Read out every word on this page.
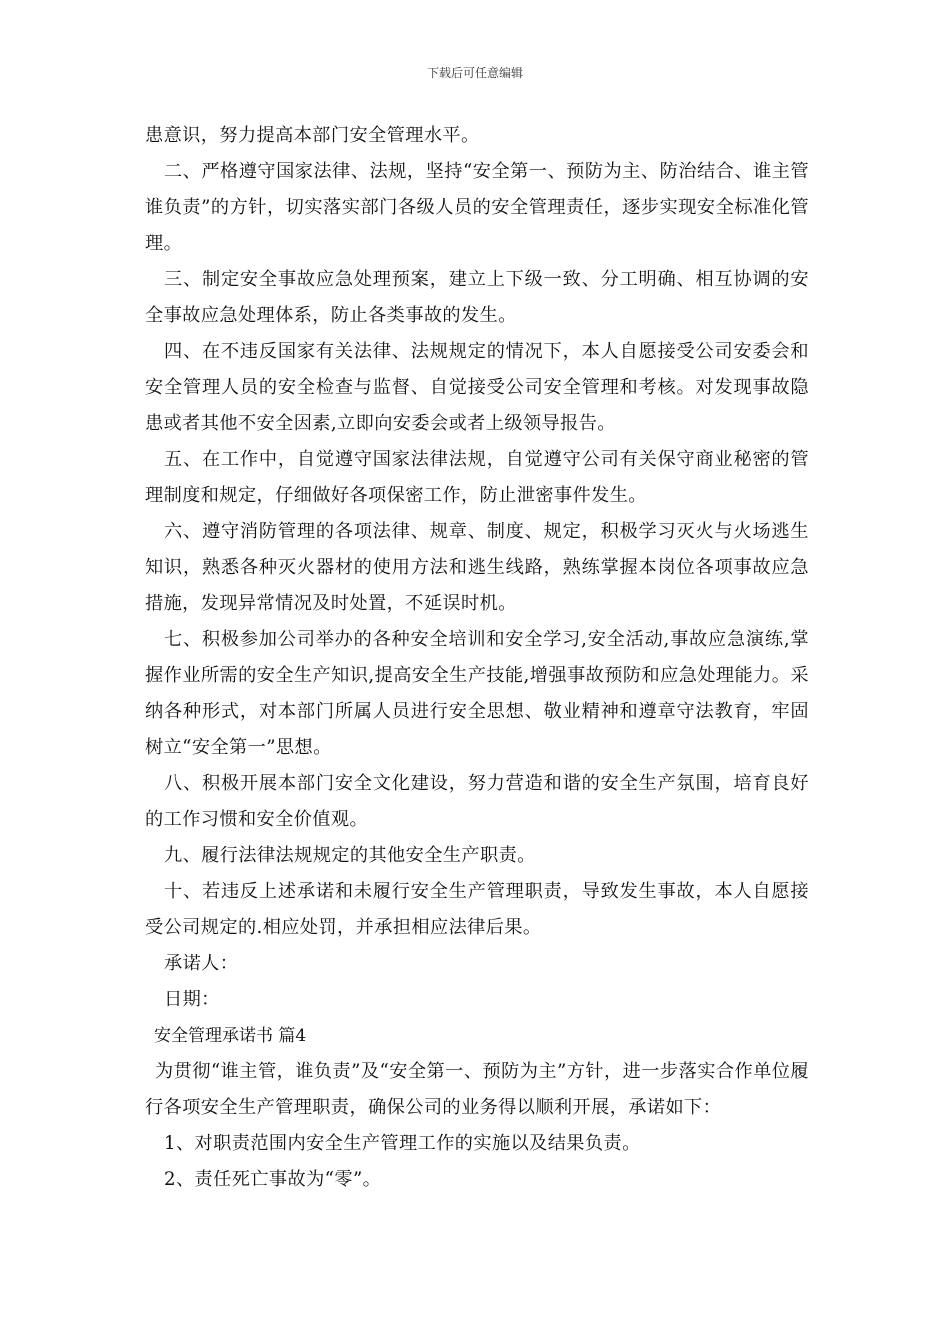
下载后可任意编辑

患意识，努力提高本部门安全管理水平。

二、严格遵守国家法律、法规，坚持“安全第一、预防为主、防治结合、谁主管谁负责”的方针，切实落实部门各级人员的安全管理责任，逐步实现安全标准化管理。

三、制定安全事故应急处理预案，建立上下级一致、分工明确、相互协调的安全事故应急处理体系，防止各类事故的发生。

四、在不违反国家有关法律、法规规定的情况下，本人自愿接受公司安委会和安全管理人员的安全检查与监督、自觉接受公司安全管理和考核。对发现事故隐患或者其他不安全因素,立即向安委会或者上级领导报告。

五、在工作中，自觉遵守国家法律法规，自觉遵守公司有关保守商业秘密的管理制度和规定，仔细做好各项保密工作，防止泄密事件发生。

六、遵守消防管理的各项法律、规章、制度、规定，积极学习灭火与火场逃生知识，熟悉各种灭火器材的使用方法和逃生线路，熟练掌握本岗位各项事故应急措施，发现异常情况及时处置，不延误时机。

七、积极参加公司举办的各种安全培训和安全学习,安全活动,事故应急演练,掌握作业所需的安全生产知识,提高安全生产技能,增强事故预防和应急处理能力。采纳各种形式，对本部门所属人员进行安全思想、敬业精神和遵章守法教育，牢固树立“安全第一”思想。

八、积极开展本部门安全文化建设，努力营造和谐的安全生产氛围，培育良好的工作习惯和安全价值观。

九、履行法律法规规定的其他安全生产职责。

十、若违反上述承诺和未履行安全生产管理职责，导致发生事故，本人自愿接受公司规定的.相应处罚，并承担相应法律后果。

承诺人：

日期：

安全管理承诺书 篇4

为贯彻“谁主管，谁负责”及“安全第一、预防为主”方针，进一步落实合作单位履行各项安全生产管理职责，确保公司的业务得以顺利开展，承诺如下：

1、对职责范围内安全生产管理工作的实施以及结果负责。

2、责任死亡事故为“零”。
